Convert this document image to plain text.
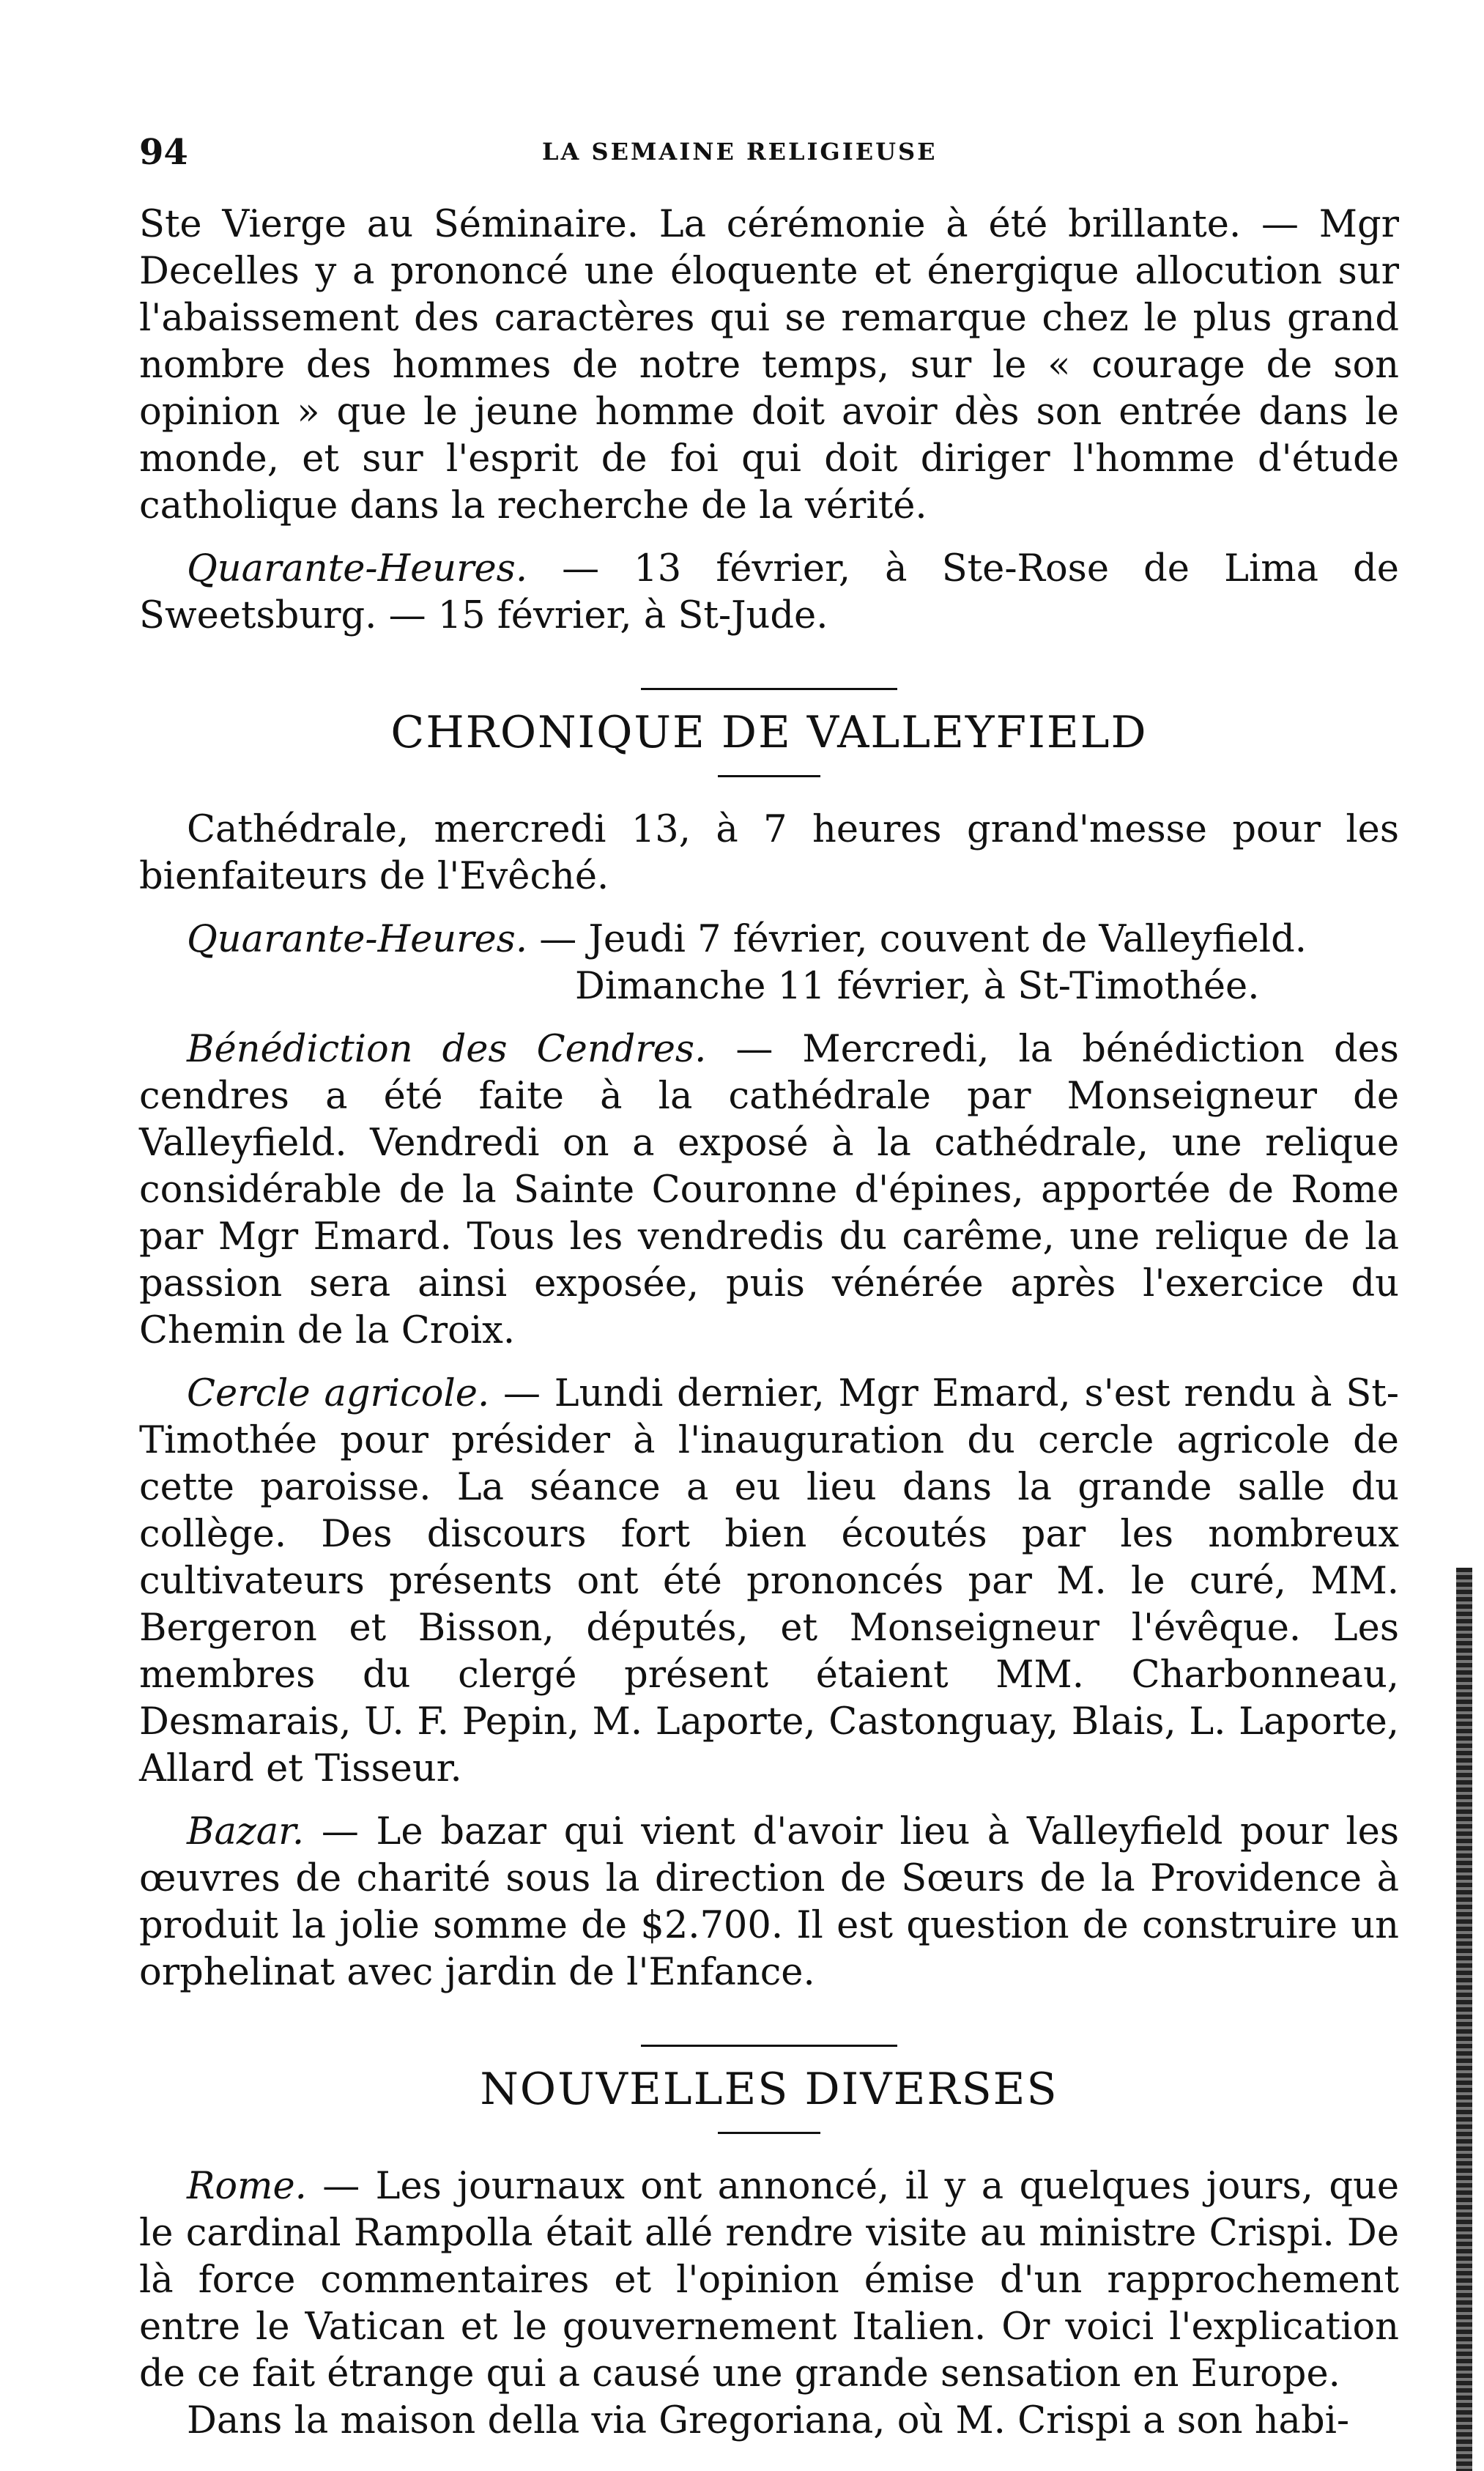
94	LA SEMAINE RELIGIEUSE

Ste Vierge au Séminaire. La cérémonie à été brillante. — Mgr Decelles y a prononcé une éloquente et énergique allocution sur l'abaissement des caractères qui se remarque chez le plus grand nombre des hommes de notre temps, sur le « courage de son opinion » que le jeune homme doit avoir dès son entrée dans le monde, et sur l'esprit de foi qui doit diriger l'homme d'étude catholique dans la recherche de la vérité.

Quarante-Heures. — 13 février, à Ste-Rose de Lima de Sweetsburg. — 15 février, à St-Jude.

CHRONIQUE DE VALLEYFIELD

Cathédrale, mercredi 13, à 7 heures grand'messe pour les bienfaiteurs de l'Evêché.

Quarante-Heures. — Jeudi 7 février, couvent de Valleyfield.
Dimanche 11 février, à St-Timothée.

Bénédiction des Cendres. — Mercredi, la bénédiction des cendres a été faite à la cathédrale par Monseigneur de Valleyfield. Vendredi on a exposé à la cathédrale, une relique considérable de la Sainte Couronne d'épines, apportée de Rome par Mgr Emard. Tous les vendredis du carême, une relique de la passion sera ainsi exposée, puis vénérée après l'exercice du Chemin de la Croix.

Cercle agricole. — Lundi dernier, Mgr Emard, s'est rendu à St-Timothée pour présider à l'inauguration du cercle agricole de cette paroisse. La séance a eu lieu dans la grande salle du collège. Des discours fort bien écoutés par les nombreux cultivateurs présents ont été prononcés par M. le curé, MM. Bergeron et Bisson, députés, et Monseigneur l'évêque. Les membres du clergé présent étaient MM. Charbonneau, Desmarais, U. F. Pepin, M. Laporte, Castonguay, Blais, L. Laporte, Allard et Tisseur.

Bazar. — Le bazar qui vient d'avoir lieu à Valleyfield pour les œuvres de charité sous la direction de Sœurs de la Providence à produit la jolie somme de $2.700. Il est question de construire un orphelinat avec jardin de l'Enfance.

NOUVELLES DIVERSES

Rome. — Les journaux ont annoncé, il y a quelques jours, que le cardinal Rampolla était allé rendre visite au ministre Crispi. De là force commentaires et l'opinion émise d'un rapprochement entre le Vatican et le gouvernement Italien. Or voici l'explication de ce fait étrange qui a causé une grande sensation en Europe.

Dans la maison della via Gregoriana, où M. Crispi a son habi-
